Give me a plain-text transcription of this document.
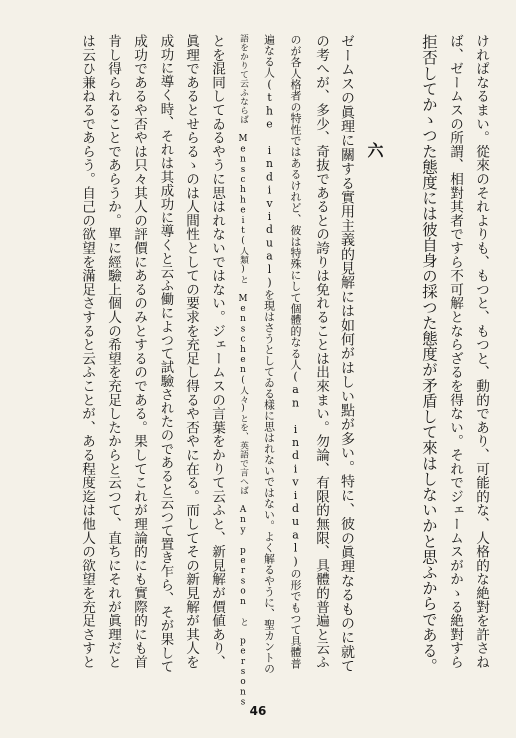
六	けれぱなるまい。從來のそれよりも、もつと、もつと、動的であり、可能的な、人格的な絶對を許さね
ば、ゼームスの所謂、相對其者ですら不可解とならざるを得ない。それでジェームスがかゝる絶對すら
拒否してかゝつた態度には彼自身の採つた態度が矛盾して來はしないかと思ふからである。
ゼームスの眞理に關する實用主義的見解には如何がはしい點が多い。特に、彼の眞理なるものに就て
の考へが、多少、奇抜であるとの誇りは免れることは出來まい。勿論、有限的無限、具體的普遍と云ふ
のが各人格者の特性ではあるけれど、彼は特殊にして個體的なる人(an individual)の形でもつて具體普
遍なる人(the individual)を現はさうとしてゐる樣に思はれないではない。よく解るやうに、聖カントの
語をかりて云ふならば Menschheit(人類)と Menschen(人々)とを、英語で言へば Any person と persons
とを混同してゐるやうに思はれないではない。ジェームスの言葉をかりて云ふと、新見解が價値あり、
眞理であるとせらるゝのは人間性としての要求を充足し得るや否やに在る。而してその新見解が其人を
成功に導く時、それは其成功に導くと云ふ働によつて試驗されたのであると云つて置き乍ら、そが果して
成功であるや否やは只々其人の評價にあるのみとするのである。果してこれが理論的にも實際的にも首
肯し得られることであらうか。單に經驗上個人の希望を充足したからと云つて、直ちにそれが眞理だと
は云ひ兼ねるであらう。自己の欲望を滿足さすると云ふことが、ある程度迄は他人の欲望を充足さすと
46
